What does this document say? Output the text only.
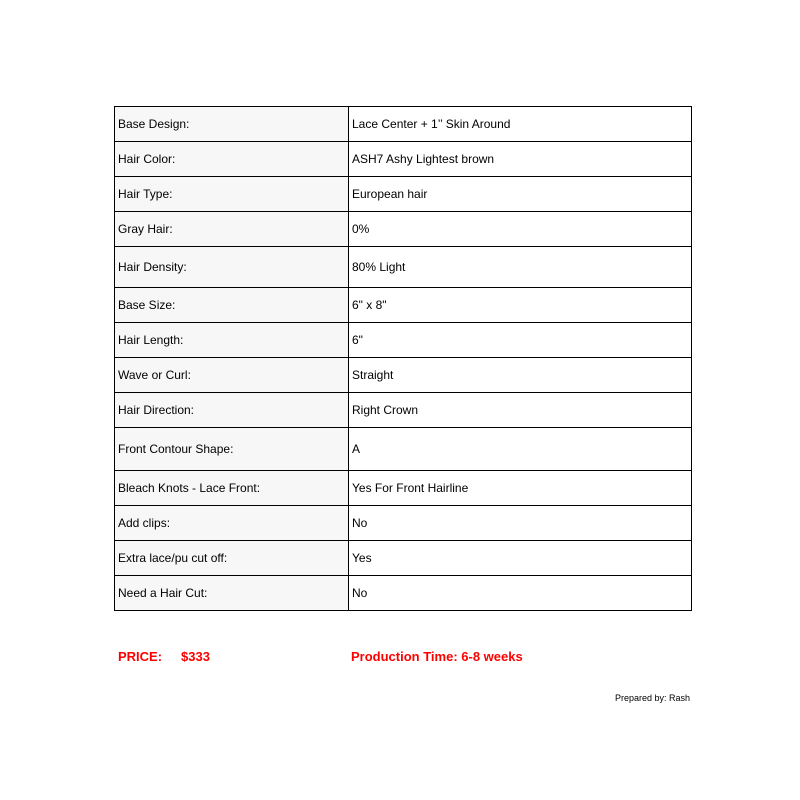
Base Design:	Lace Center + 1’’ Skin Around
Hair Color:	ASH7 Ashy Lightest brown
Hair Type:	European hair
Gray Hair:	0%
Hair Density:	80% Light
Base Size:	6" x 8"
Hair Length:	6"
Wave or Curl:	Straight
Hair Direction:	Right Crown
Front Contour Shape:	A
Bleach Knots - Lace Front:	Yes For Front Hairline
Add clips:	No
Extra lace/pu cut off:	Yes
Need a Hair Cut:	No
PRICE: $333	Production Time: 6-8 weeks
Prepared by: Rash
